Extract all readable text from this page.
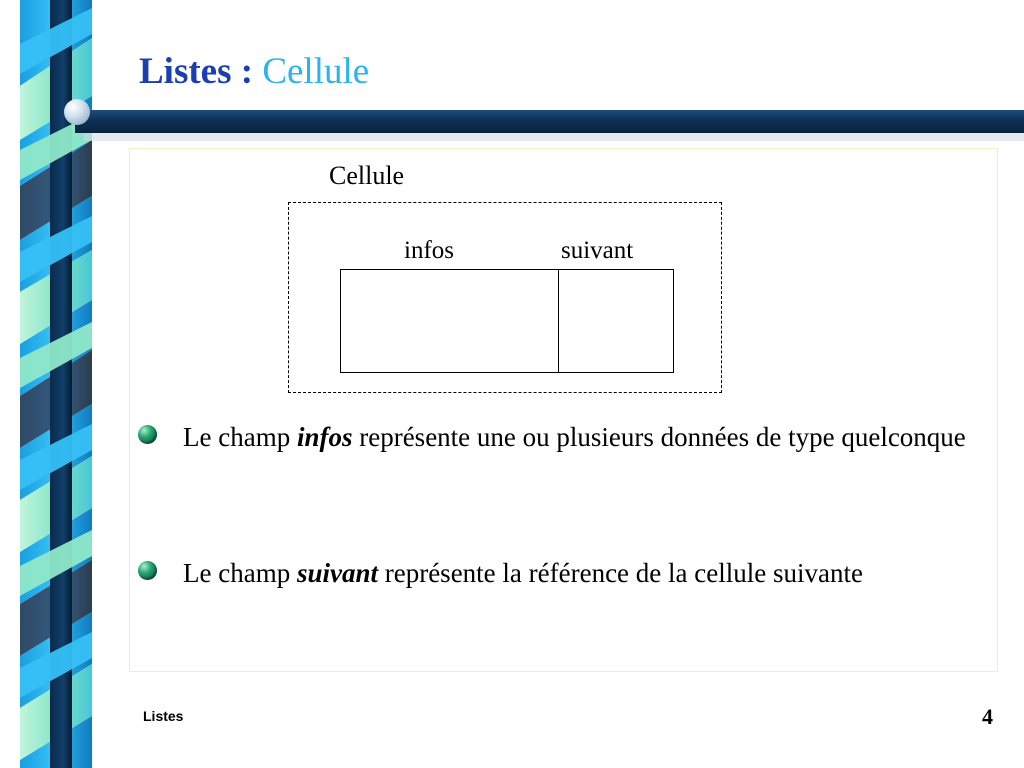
Listes : Cellule
Cellule
infos	suivant
Le champ infos représente une ou plusieurs données de type quelconque
Le champ suivant représente la référence de la cellule suivante
Listes	4
